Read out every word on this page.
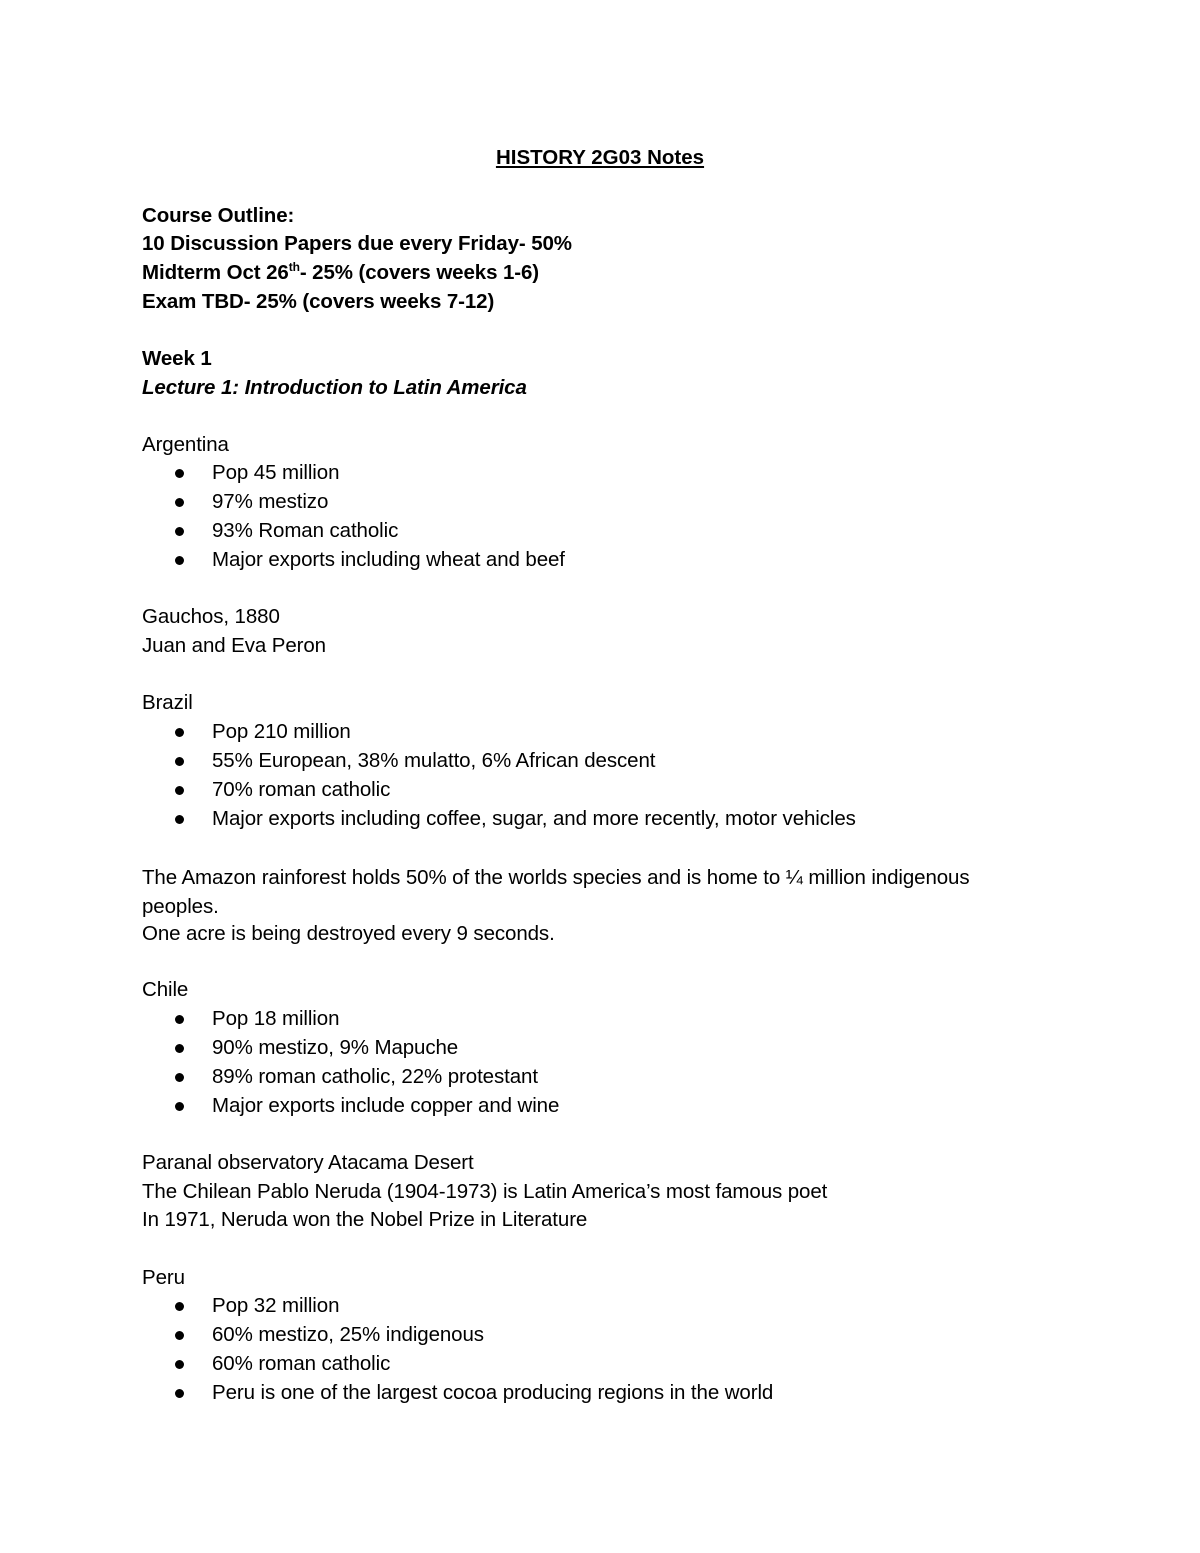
HISTORY 2G03 Notes
Course Outline:
10 Discussion Papers due every Friday- 50%
Midterm Oct 26th- 25% (covers weeks 1-6)
Exam TBD- 25% (covers weeks 7-12)
Week 1
Lecture 1: Introduction to Latin America
Argentina
Pop 45 million
97% mestizo
93% Roman catholic
Major exports including wheat and beef
Gauchos, 1880
Juan and Eva Peron
Brazil
Pop 210 million
55% European, 38% mulatto, 6% African descent
70% roman catholic
Major exports including coffee, sugar, and more recently, motor vehicles
The Amazon rainforest holds 50% of the worlds species and is home to ¼ million indigenous peoples.
One acre is being destroyed every 9 seconds.
Chile
Pop 18 million
90% mestizo, 9% Mapuche
89% roman catholic, 22% protestant
Major exports include copper and wine
Paranal observatory Atacama Desert
The Chilean Pablo Neruda (1904-1973) is Latin America’s most famous poet
In 1971, Neruda won the Nobel Prize in Literature
Peru
Pop 32 million
60% mestizo, 25% indigenous
60% roman catholic
Peru is one of the largest cocoa producing regions in the world
